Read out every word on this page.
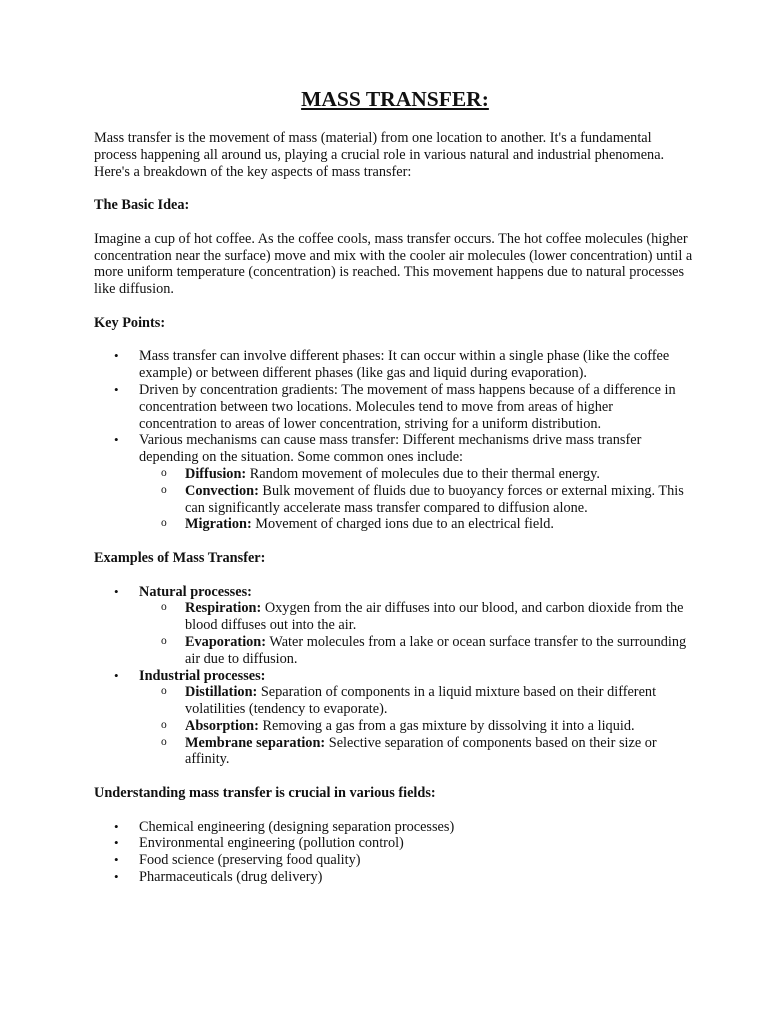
MASS TRANSFER:

Mass transfer is the movement of mass (material) from one location to another. It's a fundamental process happening all around us, playing a crucial role in various natural and industrial phenomena. Here's a breakdown of the key aspects of mass transfer:

The Basic Idea:

Imagine a cup of hot coffee. As the coffee cools, mass transfer occurs. The hot coffee molecules (higher concentration near the surface) move and mix with the cooler air molecules (lower concentration) until a more uniform temperature (concentration) is reached. This movement happens due to natural processes like diffusion.

Key Points:
• Mass transfer can involve different phases: It can occur within a single phase (like the coffee example) or between different phases (like gas and liquid during evaporation).
• Driven by concentration gradients: The movement of mass happens because of a difference in concentration between two locations. Molecules tend to move from areas of higher concentration to areas of lower concentration, striving for a uniform distribution.
• Various mechanisms can cause mass transfer: Different mechanisms drive mass transfer depending on the situation. Some common ones include:
o Diffusion: Random movement of molecules due to their thermal energy.
o Convection: Bulk movement of fluids due to buoyancy forces or external mixing. This can significantly accelerate mass transfer compared to diffusion alone.
o Migration: Movement of charged ions due to an electrical field.
Examples of Mass Transfer:
• Natural processes:
o Respiration: Oxygen from the air diffuses into our blood, and carbon dioxide from the blood diffuses out into the air.
o Evaporation: Water molecules from a lake or ocean surface transfer to the surrounding air due to diffusion.
• Industrial processes:
o Distillation: Separation of components in a liquid mixture based on their different volatilities (tendency to evaporate).
o Absorption: Removing a gas from a gas mixture by dissolving it into a liquid.
o Membrane separation: Selective separation of components based on their size or affinity.
Understanding mass transfer is crucial in various fields:
• Chemical engineering (designing separation processes)
• Environmental engineering (pollution control)
• Food science (preserving food quality)
• Pharmaceuticals (drug delivery)
